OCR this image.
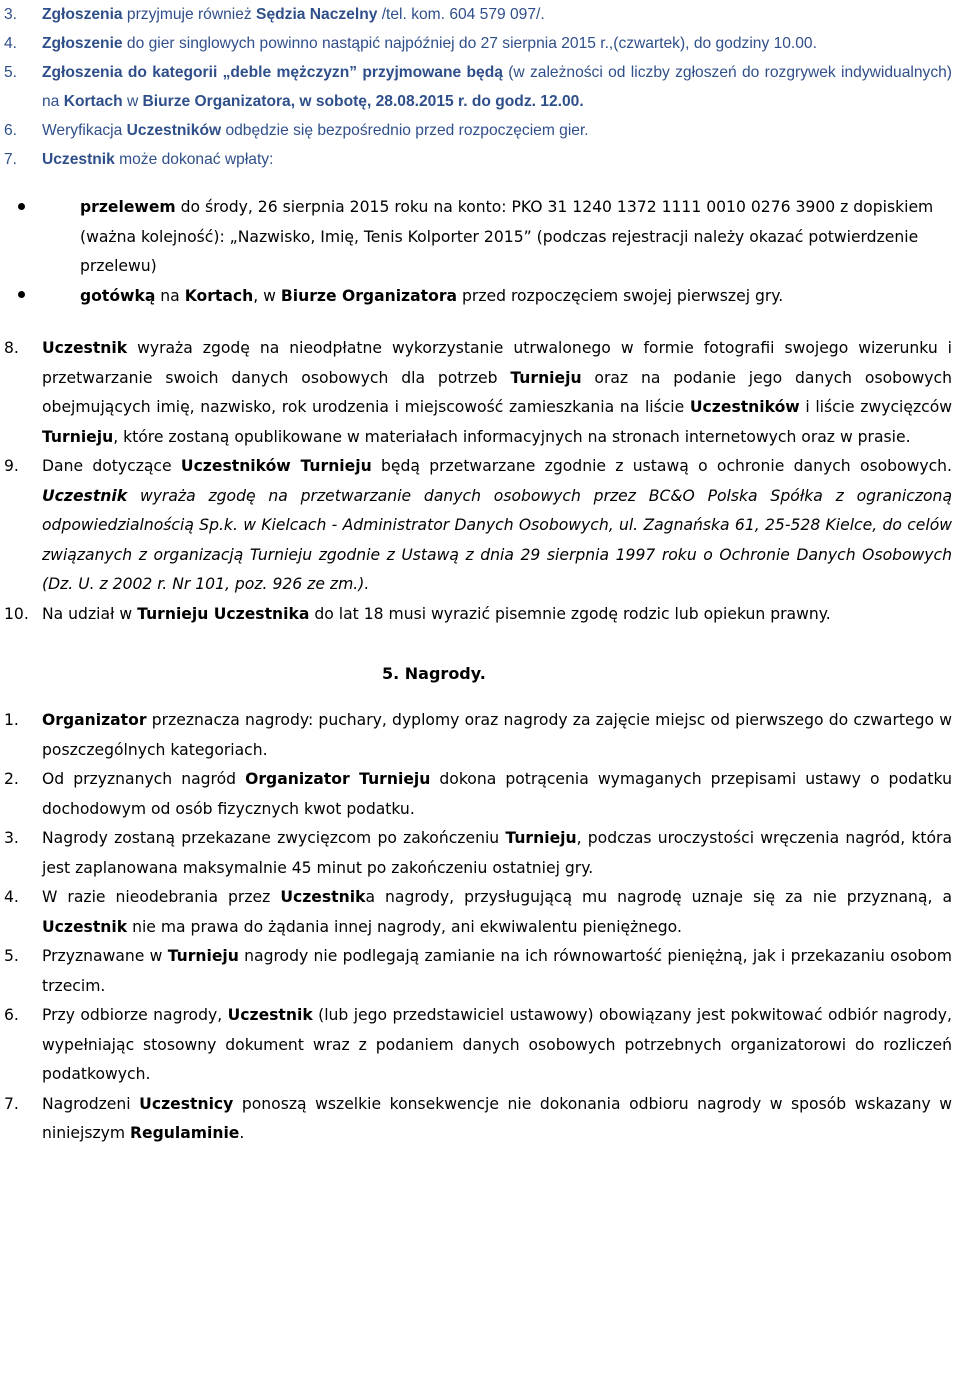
3.	Zgłoszenia przyjmuje również Sędzia Naczelny /tel. kom. 604 579 097/.
4.	Zgłoszenie do gier singlowych powinno nastąpić najpóźniej do 27 sierpnia 2015 r.,(czwartek), do godziny 10.00.
5.	Zgłoszenia do kategorii „deble mężczyzn” przyjmowane będą (w zależności od liczby zgłoszeń do rozgrywek indywidualnych) na Kortach w Biurze Organizatora, w sobotę, 28.08.2015 r. do godz. 12.00.
6.	Weryfikacja Uczestników odbędzie się bezpośrednio przed rozpoczęciem gier.
7.	Uczestnik może dokonać wpłaty:
przelewem do środy, 26 sierpnia 2015 roku na konto: PKO 31 1240 1372 1111 0010 0276 3900 z dopiskiem (ważna kolejność): „Nazwisko, Imię, Tenis Kolporter 2015” (podczas rejestracji należy okazać potwierdzenie przelewu)
gotówką na Kortach, w Biurze Organizatora przed rozpoczęciem swojej pierwszej gry.
8.	Uczestnik wyraża zgodę na nieodpłatne wykorzystanie utrwalonego w formie fotografii swojego wizerunku i przetwarzanie swoich danych osobowych dla potrzeb Turnieju oraz na podanie jego danych osobowych obejmujących imię, nazwisko, rok urodzenia i miejscowość zamieszkania na liście Uczestników i liście zwycięzców Turnieju, które zostaną opublikowane w materiałach informacyjnych na stronach internetowych oraz w prasie.
9.	Dane dotyczące Uczestników Turnieju będą przetwarzane zgodnie z ustawą o ochronie danych osobowych. Uczestnik wyraża zgodę na przetwarzanie danych osobowych przez BC&O Polska Spółka z ograniczoną odpowiedzialnością Sp.k. w Kielcach - Administrator Danych Osobowych, ul. Zagnańska 61, 25-528 Kielce, do celów związanych z organizacją Turnieju zgodnie z Ustawą z dnia 29 sierpnia 1997 roku o Ochronie Danych Osobowych (Dz. U. z 2002 r. Nr 101, poz. 926 ze zm.).
10. Na udział w Turnieju Uczestnika do lat 18 musi wyrazić pisemnie zgodę rodzic lub opiekun prawny.
5. Nagrody.
1.	Organizator przeznacza nagrody: puchary, dyplomy oraz nagrody za zajęcie miejsc od pierwszego do czwartego w poszczególnych kategoriach.
2.	Od przyznanych nagród Organizator Turnieju dokona potrącenia wymaganych przepisami ustawy o podatku dochodowym od osób fizycznych kwot podatku.
3.	Nagrody zostaną przekazane zwycięzcom po zakończeniu Turnieju, podczas uroczystości wręczenia nagród, która jest zaplanowana maksymalnie 45 minut po zakończeniu ostatniej gry.
4.	W razie nieodebrania przez Uczestnika nagrody, przysługującą mu nagrodę uznaje się za nie przyznaną, a Uczestnik nie ma prawa do żądania innej nagrody, ani ekwiwalentu pieniężnego.
5.	Przyznawane w Turnieju nagrody nie podlegają zamianie na ich równowartość pieniężną, jak i przekazaniu osobom trzecim.
6.	Przy odbiorze nagrody, Uczestnik (lub jego przedstawiciel ustawowy) obowiązany jest pokwitować odbiór nagrody, wypełniając stosowny dokument wraz z podaniem danych osobowych potrzebnych organizatorowi do rozliczeń podatkowych.
7.	Nagrodzeni Uczestnicy ponoszą wszelkie konsekwencje nie dokonania odbioru nagrody w sposób wskazany w niniejszym Regulaminie.
